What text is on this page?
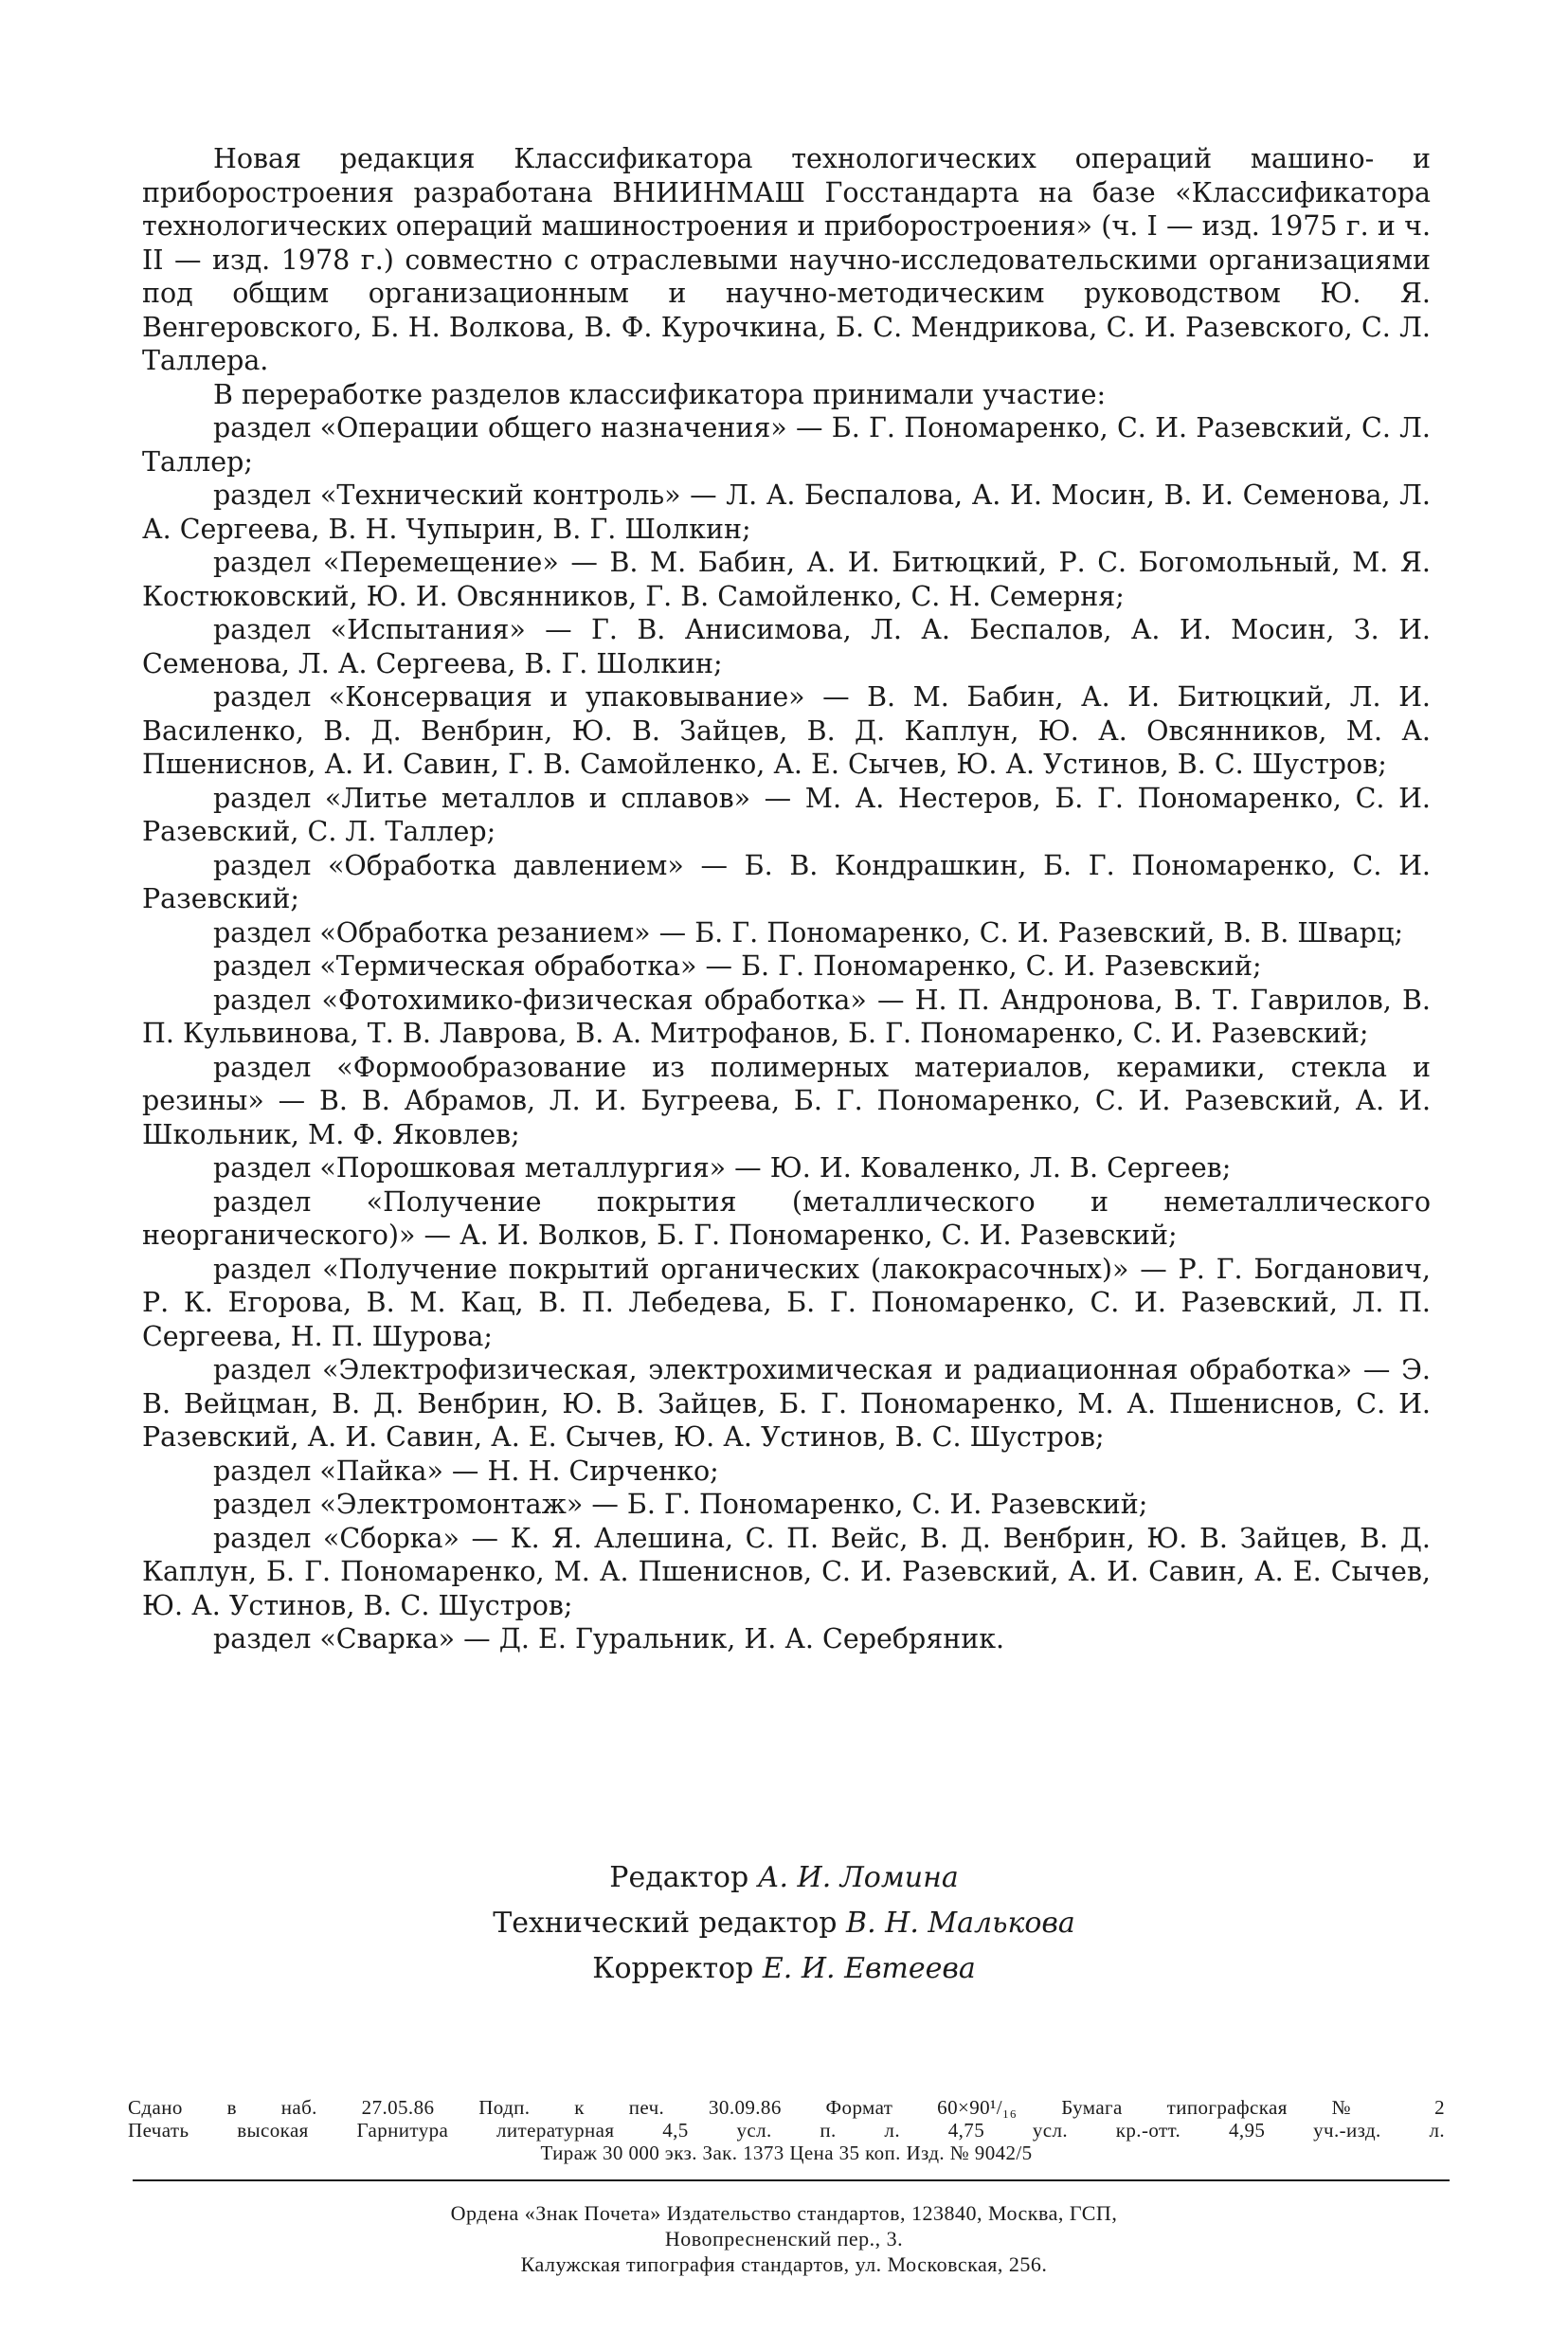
Новая редакция Классификатора технологических операций машино- и приборостроения разработана ВНИИНМАШ Госстандарта на базе «Классификатора технологических операций машиностроения и приборостроения» (ч. I — изд. 1975 г. и ч. II — изд. 1978 г.) совместно с отраслевыми научно-исследовательскими организациями под общим организационным и научно-методическим руководством Ю. Я. Венгеровского, Б. Н. Волкова, В. Ф. Курочкина, Б. С. Мендрикова, С. И. Разевского, С. Л. Таллера.

В переработке разделов классификатора принимали участие:

раздел «Операции общего назначения» — Б. Г. Пономаренко, С. И. Разевский, С. Л. Таллер;
раздел «Технический контроль» — Л. А. Беспалова, А. И. Мосин, В. И. Семенова, Л. А. Сергеева, В. Н. Чупырин, В. Г. Шолкин;
раздел «Перемещение» — В. М. Бабин, А. И. Битюцкий, Р. С. Богомольный, М. Я. Костюковский, Ю. И. Овсянников, Г. В. Самойленко, С. Н. Семерня;
раздел «Испытания» — Г. В. Анисимова, Л. А. Беспалов, А. И. Мосин, З. И. Семенова, Л. А. Сергеева, В. Г. Шолкин;
раздел «Консервация и упаковывание» — В. М. Бабин, А. И. Битюцкий, Л. И. Василенко, В. Д. Венбрин, Ю. В. Зайцев, В. Д. Каплун, Ю. А. Овсянников, М. А. Пшениснов, А. И. Савин, Г. В. Самойленко, А. Е. Сычев, Ю. А. Устинов, В. С. Шустров;
раздел «Литье металлов и сплавов» — М. А. Нестеров, Б. Г. Пономаренко, С. И. Разевский, С. Л. Таллер;
раздел «Обработка давлением» — Б. В. Кондрашкин, Б. Г. Пономаренко, С. И. Разевский;
раздел «Обработка резанием» — Б. Г. Пономаренко, С. И. Разевский, В. В. Шварц;
раздел «Термическая обработка» — Б. Г. Пономаренко, С. И. Разевский;
раздел «Фотохимико-физическая обработка» — Н. П. Андронова, В. Т. Гаврилов, В. П. Кульвинова, Т. В. Лаврова, В. А. Митрофанов, Б. Г. Пономаренко, С. И. Разевский;
раздел «Формообразование из полимерных материалов, керамики, стекла и резины» — В. В. Абрамов, Л. И. Бугреева, Б. Г. Пономаренко, С. И. Разевский, А. И. Школьник, М. Ф. Яковлев;
раздел «Порошковая металлургия» — Ю. И. Коваленко, Л. В. Сергеев;
раздел «Получение покрытия (металлического и неметаллического неорганического)» — А. И. Волков, Б. Г. Пономаренко, С. И. Разевский;
раздел «Получение покрытий органических (лакокрасочных)» — Р. Г. Богданович, Р. К. Егорова, В. М. Кац, В. П. Лебедева, Б. Г. Пономаренко, С. И. Разевский, Л. П. Сергеева, Н. П. Шурова;
раздел «Электрофизическая, электрохимическая и радиационная обработка» — Э. В. Вейцман, В. Д. Венбрин, Ю. В. Зайцев, Б. Г. Пономаренко, М. А. Пшениснов, С. И. Разевский, А. И. Савин, А. Е. Сычев, Ю. А. Устинов, В. С. Шустров;
раздел «Пайка» — Н. Н. Сирченко;
раздел «Электромонтаж» — Б. Г. Пономаренко, С. И. Разевский;
раздел «Сборка» — К. Я. Алешина, С. П. Вейс, В. Д. Венбрин, Ю. В. Зайцев, В. Д. Каплун, Б. Г. Пономаренко, М. А. Пшениснов, С. И. Разевский, А. И. Савин, А. Е. Сычев, Ю. А. Устинов, В. С. Шустров;
раздел «Сварка» — Д. Е. Гуральник, И. А. Серебряник.
Редактор А. И. Ломина
Технический редактор В. Н. Малькова
Корректор Е. И. Евтеева
Сдано в наб. 27.05.86 Подп. к печ. 30.09.86 Формат 60×90¹/₁₆ Бумага типографская № 2
Печать высокая Гарнитура литературная 4,5 усл. п. л. 4,75 усл. кр.-отт. 4,95 уч.-изд. л.
Тираж 30 000 экз. Зак. 1373 Цена 35 коп. Изд. № 9042/5
Ордена «Знак Почета» Издательство стандартов, 123840, Москва, ГСП,
Новопресненский пер., 3.
Калужская типография стандартов, ул. Московская, 256.
